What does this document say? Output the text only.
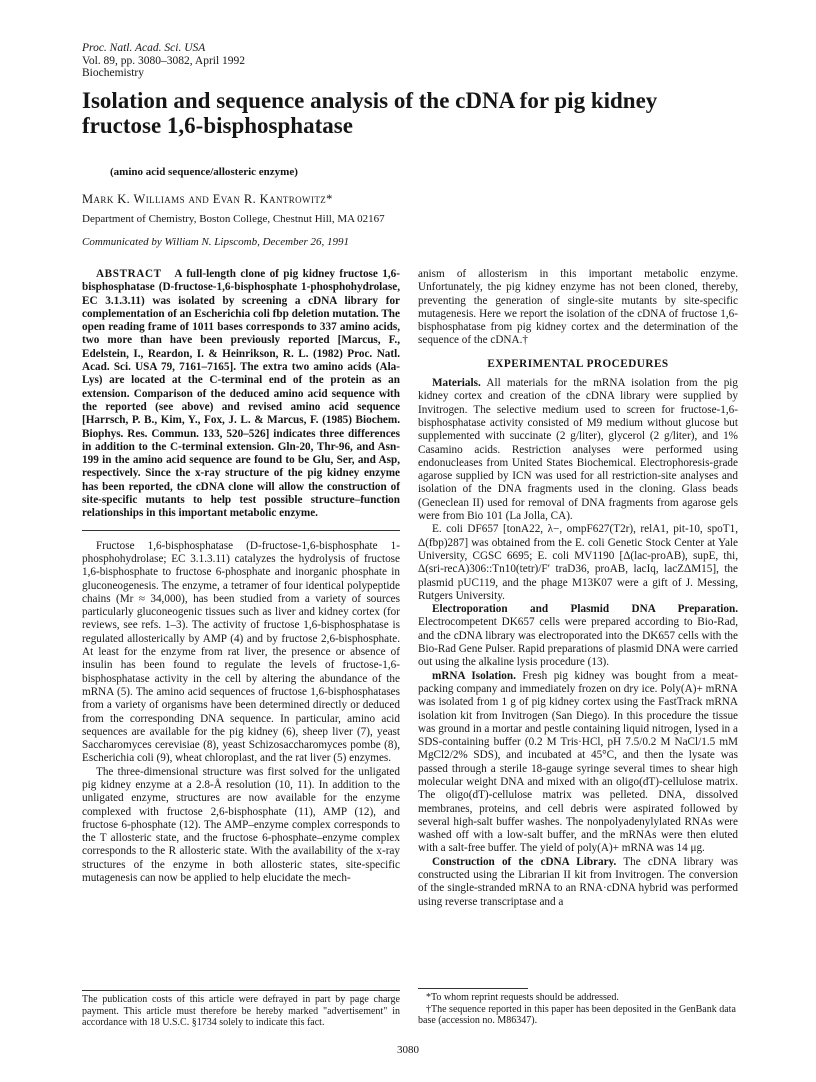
Proc. Natl. Acad. Sci. USA
Vol. 89, pp. 3080–3082, April 1992
Biochemistry
Isolation and sequence analysis of the cDNA for pig kidney fructose 1,6-bisphosphatase
(amino acid sequence/allosteric enzyme)
Mark K. Williams and Evan R. Kantrowitz*
Department of Chemistry, Boston College, Chestnut Hill, MA 02167
Communicated by William N. Lipscomb, December 26, 1991

ABSTRACT A full-length clone of pig kidney fructose 1,6-bisphosphatase (D-fructose-1,6-bisphosphate 1-phosphohydrolase, EC 3.1.3.11) was isolated by screening a cDNA library for complementation of an Escherichia coli fbp deletion mutation. The open reading frame of 1011 bases corresponds to 337 amino acids, two more than have been previously reported [Marcus, F., Edelstein, I., Reardon, I. & Heinrikson, R. L. (1982) Proc. Natl. Acad. Sci. USA 79, 7161–7165]. The extra two amino acids (Ala-Lys) are located at the C-terminal end of the protein as an extension. Comparison of the deduced amino acid sequence with the reported (see above) and revised amino acid sequence [Harrsch, P. B., Kim, Y., Fox, J. L. & Marcus, F. (1985) Biochem. Biophys. Res. Commun. 133, 520–526] indicates three differences in addition to the C-terminal extension. Gln-20, Thr-96, and Asn-199 in the amino acid sequence are found to be Glu, Ser, and Asp, respectively. Since the x-ray structure of the pig kidney enzyme has been reported, the cDNA clone will allow the construction of site-specific mutants to help test possible structure–function relationships in this important metabolic enzyme.

Fructose 1,6-bisphosphatase (D-fructose-1,6-bisphosphate 1-phosphohydrolase; EC 3.1.3.11) catalyzes the hydrolysis of fructose 1,6-bisphosphate to fructose 6-phosphate and inorganic phosphate in gluconeogenesis. The enzyme, a tetramer of four identical polypeptide chains (Mr ≈ 34,000), has been studied from a variety of sources particularly gluconeogenic tissues such as liver and kidney cortex (for reviews, see refs. 1–3). The activity of fructose 1,6-bisphosphatase is regulated allosterically by AMP (4) and by fructose 2,6-bisphosphate. At least for the enzyme from rat liver, the presence or absence of insulin has been found to regulate the levels of fructose-1,6-bisphosphatase activity in the cell by altering the abundance of the mRNA (5). The amino acid sequences of fructose 1,6-bisphosphatases from a variety of organisms have been determined directly or deduced from the corresponding DNA sequence. In particular, amino acid sequences are available for the pig kidney (6), sheep liver (7), yeast Saccharomyces cerevisiae (8), yeast Schizosaccharomyces pombe (8), Escherichia coli (9), wheat chloroplast, and the rat liver (5) enzymes.

The three-dimensional structure was first solved for the unligated pig kidney enzyme at a 2.8-Å resolution (10, 11). In addition to the unligated enzyme, structures are now available for the enzyme complexed with fructose 2,6-bisphosphate (11), AMP (12), and fructose 6-phosphate (12). The AMP–enzyme complex corresponds to the T allosteric state, and the fructose 6-phosphate–enzyme complex corresponds to the R allosteric state. With the availability of the x-ray structures of the enzyme in both allosteric states, site-specific mutagenesis can now be applied to help elucidate the mech-

anism of allosterism in this important metabolic enzyme. Unfortunately, the pig kidney enzyme has not been cloned, thereby, preventing the generation of single-site mutants by site-specific mutagenesis. Here we report the isolation of the cDNA of fructose 1,6-bisphosphatase from pig kidney cortex and the determination of the sequence of the cDNA.†

EXPERIMENTAL PROCEDURES

Materials. All materials for the mRNA isolation from the pig kidney cortex and creation of the cDNA library were supplied by Invitrogen. The selective medium used to screen for fructose-1,6-bisphosphatase activity consisted of M9 medium without glucose but supplemented with succinate (2 g/liter), glycerol (2 g/liter), and 1% Casamino acids. Restriction analyses were performed using endonucleases from United States Biochemical. Electrophoresis-grade agarose supplied by ICN was used for all restriction-site analyses and isolation of the DNA fragments used in the cloning. Glass beads (Geneclean II) used for removal of DNA fragments from agarose gels were from Bio 101 (La Jolla, CA).

E. coli DF657 [tonA22, λ−, ompF627(T2r), relA1, pit-10, spoT1, Δ(fbp)287] was obtained from the E. coli Genetic Stock Center at Yale University, CGSC 6695; E. coli MV1190 [Δ(lac-proAB), supE, thi, Δ(sri-recA)306::Tn10(tetr)/F′ traD36, proAB, lacIq, lacZΔM15], the plasmid pUC119, and the phage M13K07 were a gift of J. Messing, Rutgers University.

Electroporation and Plasmid DNA Preparation. Electrocompetent DK657 cells were prepared according to Bio-Rad, and the cDNA library was electroporated into the DK657 cells with the Bio-Rad Gene Pulser. Rapid preparations of plasmid DNA were carried out using the alkaline lysis procedure (13).

mRNA Isolation. Fresh pig kidney was bought from a meat-packing company and immediately frozen on dry ice. Poly(A)+ mRNA was isolated from 1 g of pig kidney cortex using the FastTrack mRNA isolation kit from Invitrogen (San Diego). In this procedure the tissue was ground in a mortar and pestle containing liquid nitrogen, lysed in a SDS-containing buffer (0.2 M Tris·HCl, pH 7.5/0.2 M NaCl/1.5 mM MgCl2/2% SDS), and incubated at 45°C, and then the lysate was passed through a sterile 18-gauge syringe several times to shear high molecular weight DNA and mixed with an oligo(dT)-cellulose matrix. The oligo(dT)-cellulose matrix was pelleted. DNA, dissolved membranes, proteins, and cell debris were aspirated followed by several high-salt buffer washes. The nonpolyadenylylated RNAs were washed off with a low-salt buffer, and the mRNAs were then eluted with a salt-free buffer. The yield of poly(A)+ mRNA was 14 μg.

Construction of the cDNA Library. The cDNA library was constructed using the Librarian II kit from Invitrogen. The conversion of the single-stranded mRNA to an RNA·cDNA hybrid was performed using reverse transcriptase and a

The publication costs of this article were defrayed in part by page charge payment. This article must therefore be hereby marked "advertisement" in accordance with 18 U.S.C. §1734 solely to indicate this fact.

*To whom reprint requests should be addressed.

†The sequence reported in this paper has been deposited in the GenBank data base (accession no. M86347).

3080
